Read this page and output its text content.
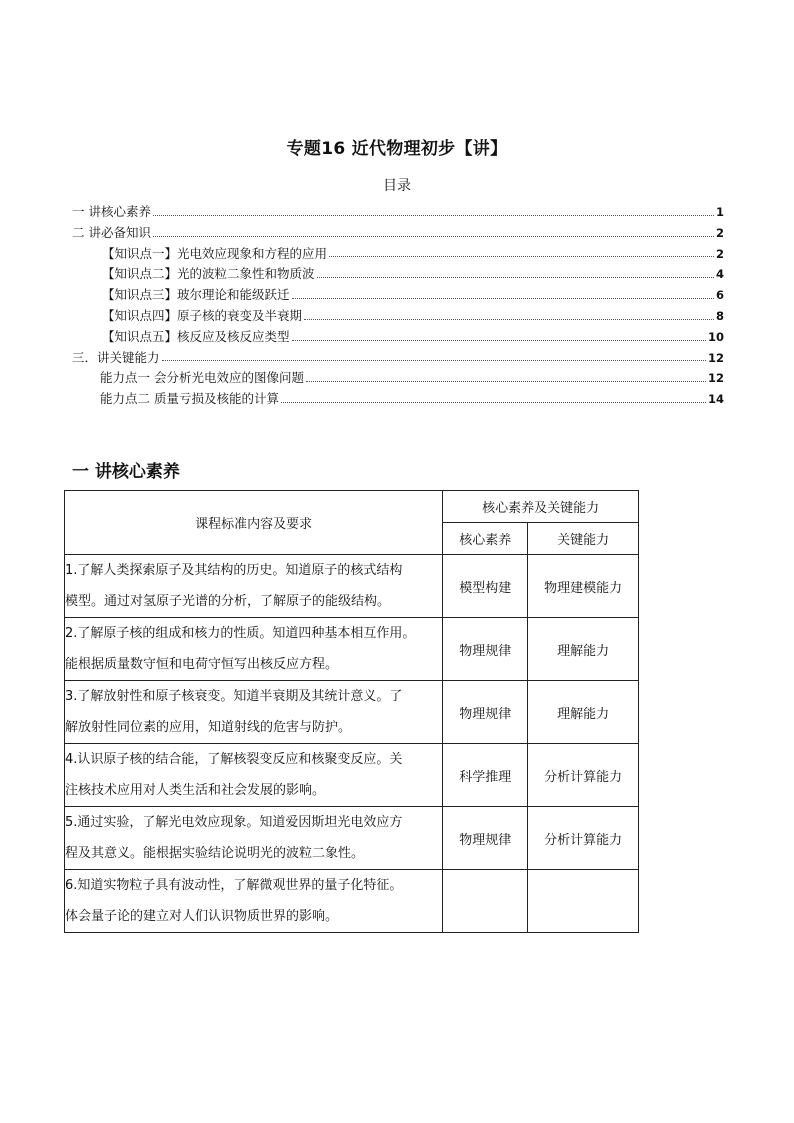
专题16 近代物理初步【讲】
目录
一 讲核心素养	1
二 讲必备知识	2
【知识点一】光电效应现象和方程的应用	2
【知识点二】光的波粒二象性和物质波	4
【知识点三】玻尔理论和能级跃迁	6
【知识点四】原子核的衰变及半衰期	8
【知识点五】核反应及核反应类型	10
三．讲关键能力	12
能力点一 会分析光电效应的图像问题	12
能力点二 质量亏损及核能的计算	14
一 讲核心素养
课程标准内容及要求	核心素养及关键能力	
	核心素养	关键能力
1.了解人类探索原子及其结构的历史。知道原子的核式结构
模型。通过对氢原子光谱的分析，了解原子的能级结构。	模型构建	物理建模能力
2.了解原子核的组成和核力的性质。知道四种基本相互作用。
能根据质量数守恒和电荷守恒写出核反应方程。	物理规律	理解能力
3.了解放射性和原子核衰变。知道半衰期及其统计意义。了
解放射性同位素的应用，知道射线的危害与防护。	物理规律	理解能力
4.认识原子核的结合能，了解核裂变反应和核聚变反应。关
注核技术应用对人类生活和社会发展的影响。	科学推理	分析计算能力
5.通过实验，了解光电效应现象。知道爱因斯坦光电效应方
程及其意义。能根据实验结论说明光的波粒二象性。	物理规律	分析计算能力
6.知道实物粒子具有波动性，了解微观世界的量子化特征。
体会量子论的建立对人们认识物质世界的影响。		
